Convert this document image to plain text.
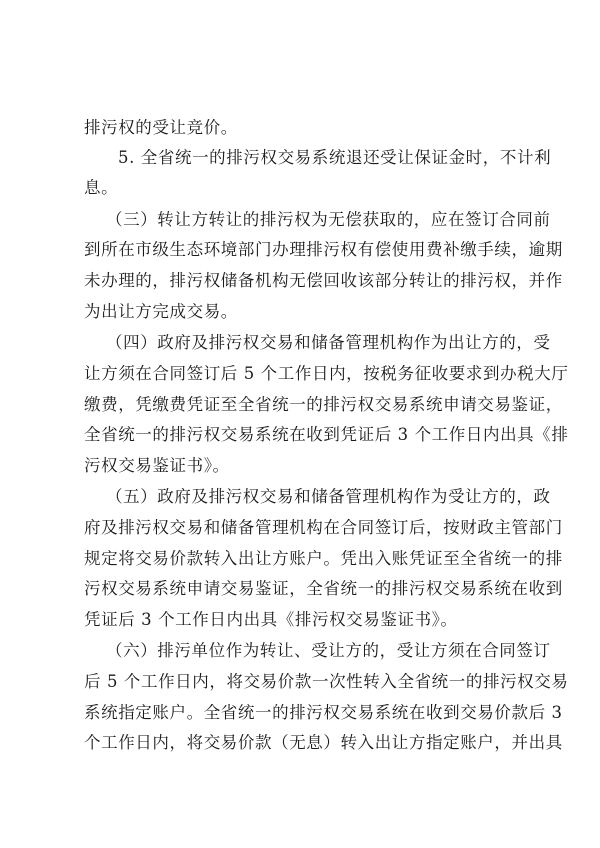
排污权的受让竞价。
5. 全省统一的排污权交易系统退还受让保证金时，不计利
息。
（三）转让方转让的排污权为无偿获取的，应在签订合同前
到所在市级生态环境部门办理排污权有偿使用费补缴手续，逾期
未办理的，排污权储备机构无偿回收该部分转让的排污权，并作
为出让方完成交易。
（四）政府及排污权交易和储备管理机构作为出让方的，受
让方须在合同签订后 5 个工作日内，按税务征收要求到办税大厅
缴费，凭缴费凭证至全省统一的排污权交易系统申请交易鉴证，
全省统一的排污权交易系统在收到凭证后 3 个工作日内出具《排
污权交易鉴证书》。
（五）政府及排污权交易和储备管理机构作为受让方的，政
府及排污权交易和储备管理机构在合同签订后，按财政主管部门
规定将交易价款转入出让方账户。凭出入账凭证至全省统一的排
污权交易系统申请交易鉴证，全省统一的排污权交易系统在收到
凭证后 3 个工作日内出具《排污权交易鉴证书》。
（六）排污单位作为转让、受让方的，受让方须在合同签订
后 5 个工作日内，将交易价款一次性转入全省统一的排污权交易
系统指定账户。全省统一的排污权交易系统在收到交易价款后 3
个工作日内，将交易价款（无息）转入出让方指定账户，并出具
